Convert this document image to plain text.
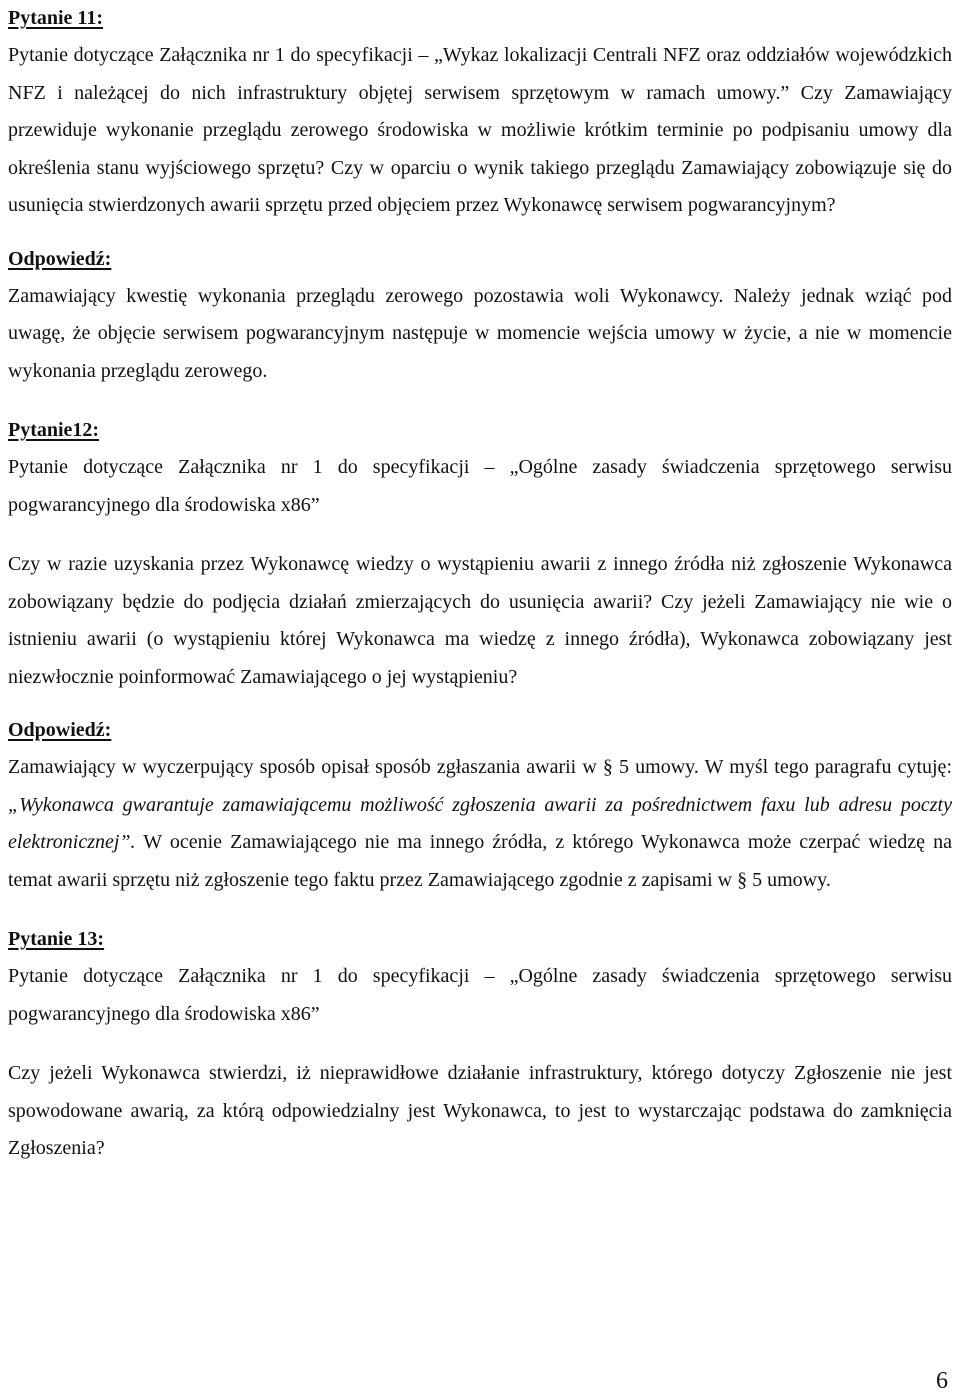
Pytanie 11:

Pytanie dotyczące Załącznika nr 1 do specyfikacji – „Wykaz lokalizacji Centrali NFZ oraz oddziałów wojewódzkich NFZ i należącej do nich infrastruktury objętej serwisem sprzętowym w ramach umowy.” Czy Zamawiający przewiduje wykonanie przeglądu zerowego środowiska w możliwie krótkim terminie po podpisaniu umowy dla określenia stanu wyjściowego sprzętu? Czy w oparciu o wynik takiego przeglądu Zamawiający zobowiązuje się do usunięcia stwierdzonych awarii sprzętu przed objęciem przez Wykonawcę serwisem pogwarancyjnym?

Odpowiedź:

Zamawiający kwestię wykonania przeglądu zerowego pozostawia woli Wykonawcy. Należy jednak wziąć pod uwagę, że objęcie serwisem pogwarancyjnym następuje w momencie wejścia umowy w życie, a nie w momencie wykonania przeglądu zerowego.

Pytanie12:

Pytanie dotyczące Załącznika nr 1 do specyfikacji – „Ogólne zasady świadczenia sprzętowego serwisu pogwarancyjnego dla środowiska x86”

Czy w razie uzyskania przez Wykonawcę wiedzy o wystąpieniu awarii z innego źródła niż zgłoszenie Wykonawca zobowiązany będzie do podjęcia działań zmierzających do usunięcia awarii? Czy jeżeli Zamawiający nie wie o istnieniu awarii (o wystąpieniu której Wykonawca ma wiedzę z innego źródła), Wykonawca zobowiązany jest niezwłocznie poinformować Zamawiającego o jej wystąpieniu?

Odpowiedź:

Zamawiający w wyczerpujący sposób opisał sposób zgłaszania awarii w § 5 umowy. W myśl tego paragrafu cytuję: „Wykonawca gwarantuje zamawiającemu możliwość zgłoszenia awarii za pośrednictwem faxu lub adresu poczty elektronicznej”. W ocenie Zamawiającego nie ma innego źródła, z którego Wykonawca może czerpać wiedzę na temat awarii sprzętu niż zgłoszenie tego faktu przez Zamawiającego zgodnie z zapisami w § 5 umowy.

Pytanie 13:

Pytanie dotyczące Załącznika nr 1 do specyfikacji – „Ogólne zasady świadczenia sprzętowego serwisu pogwarancyjnego dla środowiska x86”

Czy jeżeli Wykonawca stwierdzi, iż nieprawidłowe działanie infrastruktury, którego dotyczy Zgłoszenie nie jest spowodowane awarią, za którą odpowiedzialny jest Wykonawca, to jest to wystarczając podstawa do zamknięcia Zgłoszenia?

6
